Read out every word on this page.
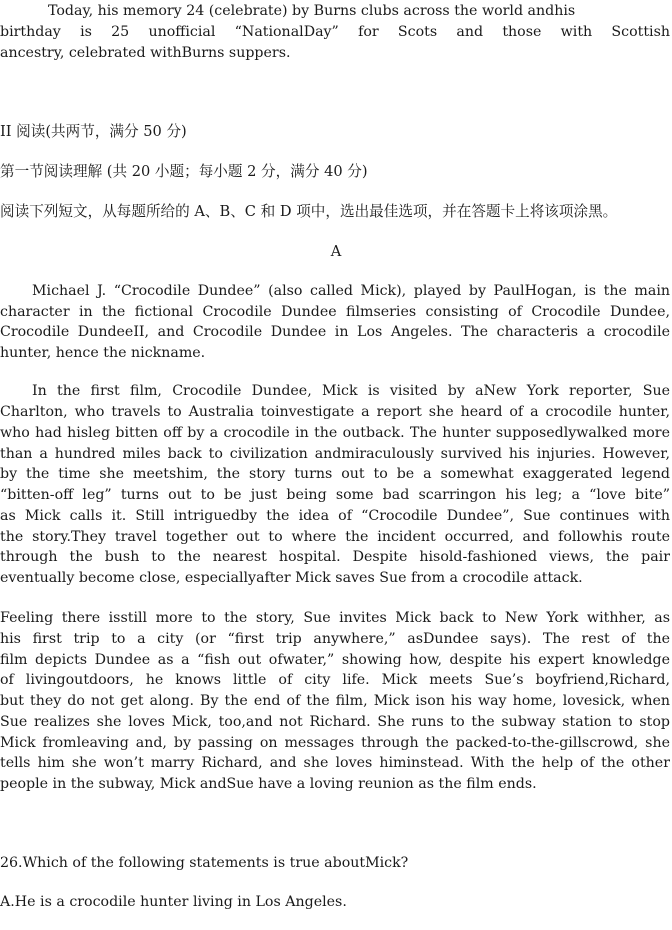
Today, his memory 24 (celebrate) by Burns clubs across the world andhis
birthday is 25 unofficial “NationalDay” for Scots and those with Scottish
ancestry, celebrated withBurns suppers.
II 阅读(共两节，满分 50 分)
第一节阅读理解 (共 20 小题；每小题 2 分，满分 40 分)
阅读下列短文，从每题所给的 A、B、C 和 D 项中，选出最佳选项，并在答题卡上将该项涂黑。
A
Michael J. “Crocodile Dundee” (also called Mick), played by PaulHogan, is the main
character in the fictional Crocodile Dundee filmseries consisting of Crocodile Dundee,
Crocodile DundeeII, and Crocodile Dundee in Los Angeles. The characteris a crocodile
hunter, hence the nickname.
In the first film, Crocodile Dundee, Mick is visited by aNew York reporter, Sue
Charlton, who travels to Australia toinvestigate a report she heard of a crocodile hunter,
who had hisleg bitten off by a crocodile in the outback. The hunter supposedlywalked more
than a hundred miles back to civilization andmiraculously survived his injuries. However,
by the time she meetshim, the story turns out to be a somewhat exaggerated legend
“bitten-off leg” turns out to be just being some bad scarringon his leg; a “love bite”
as Mick calls it. Still intriguedby the idea of “Crocodile Dundee”, Sue continues with
the story.They travel together out to where the incident occurred, and followhis route
through the bush to the nearest hospital. Despite hisold-fashioned views, the pair
eventually become close, especiallyafter Mick saves Sue from a crocodile attack.
Feeling there isstill more to the story, Sue invites Mick back to New York withher, as
his first trip to a city (or “first trip anywhere,” asDundee says). The rest of the
film depicts Dundee as a “fish out ofwater,” showing how, despite his expert knowledge
of livingoutdoors, he knows little of city life. Mick meets Sue’s boyfriend,Richard,
but they do not get along. By the end of the film, Mick ison his way home, lovesick, when
Sue realizes she loves Mick, too,and not Richard. She runs to the subway station to stop
Mick fromleaving and, by passing on messages through the packed-to-the-gillscrowd, she
tells him she won’t marry Richard, and she loves himinstead. With the help of the other
people in the subway, Mick andSue have a loving reunion as the film ends.
26.Which of the following statements is true aboutMick?
A.He is a crocodile hunter living in Los Angeles.
